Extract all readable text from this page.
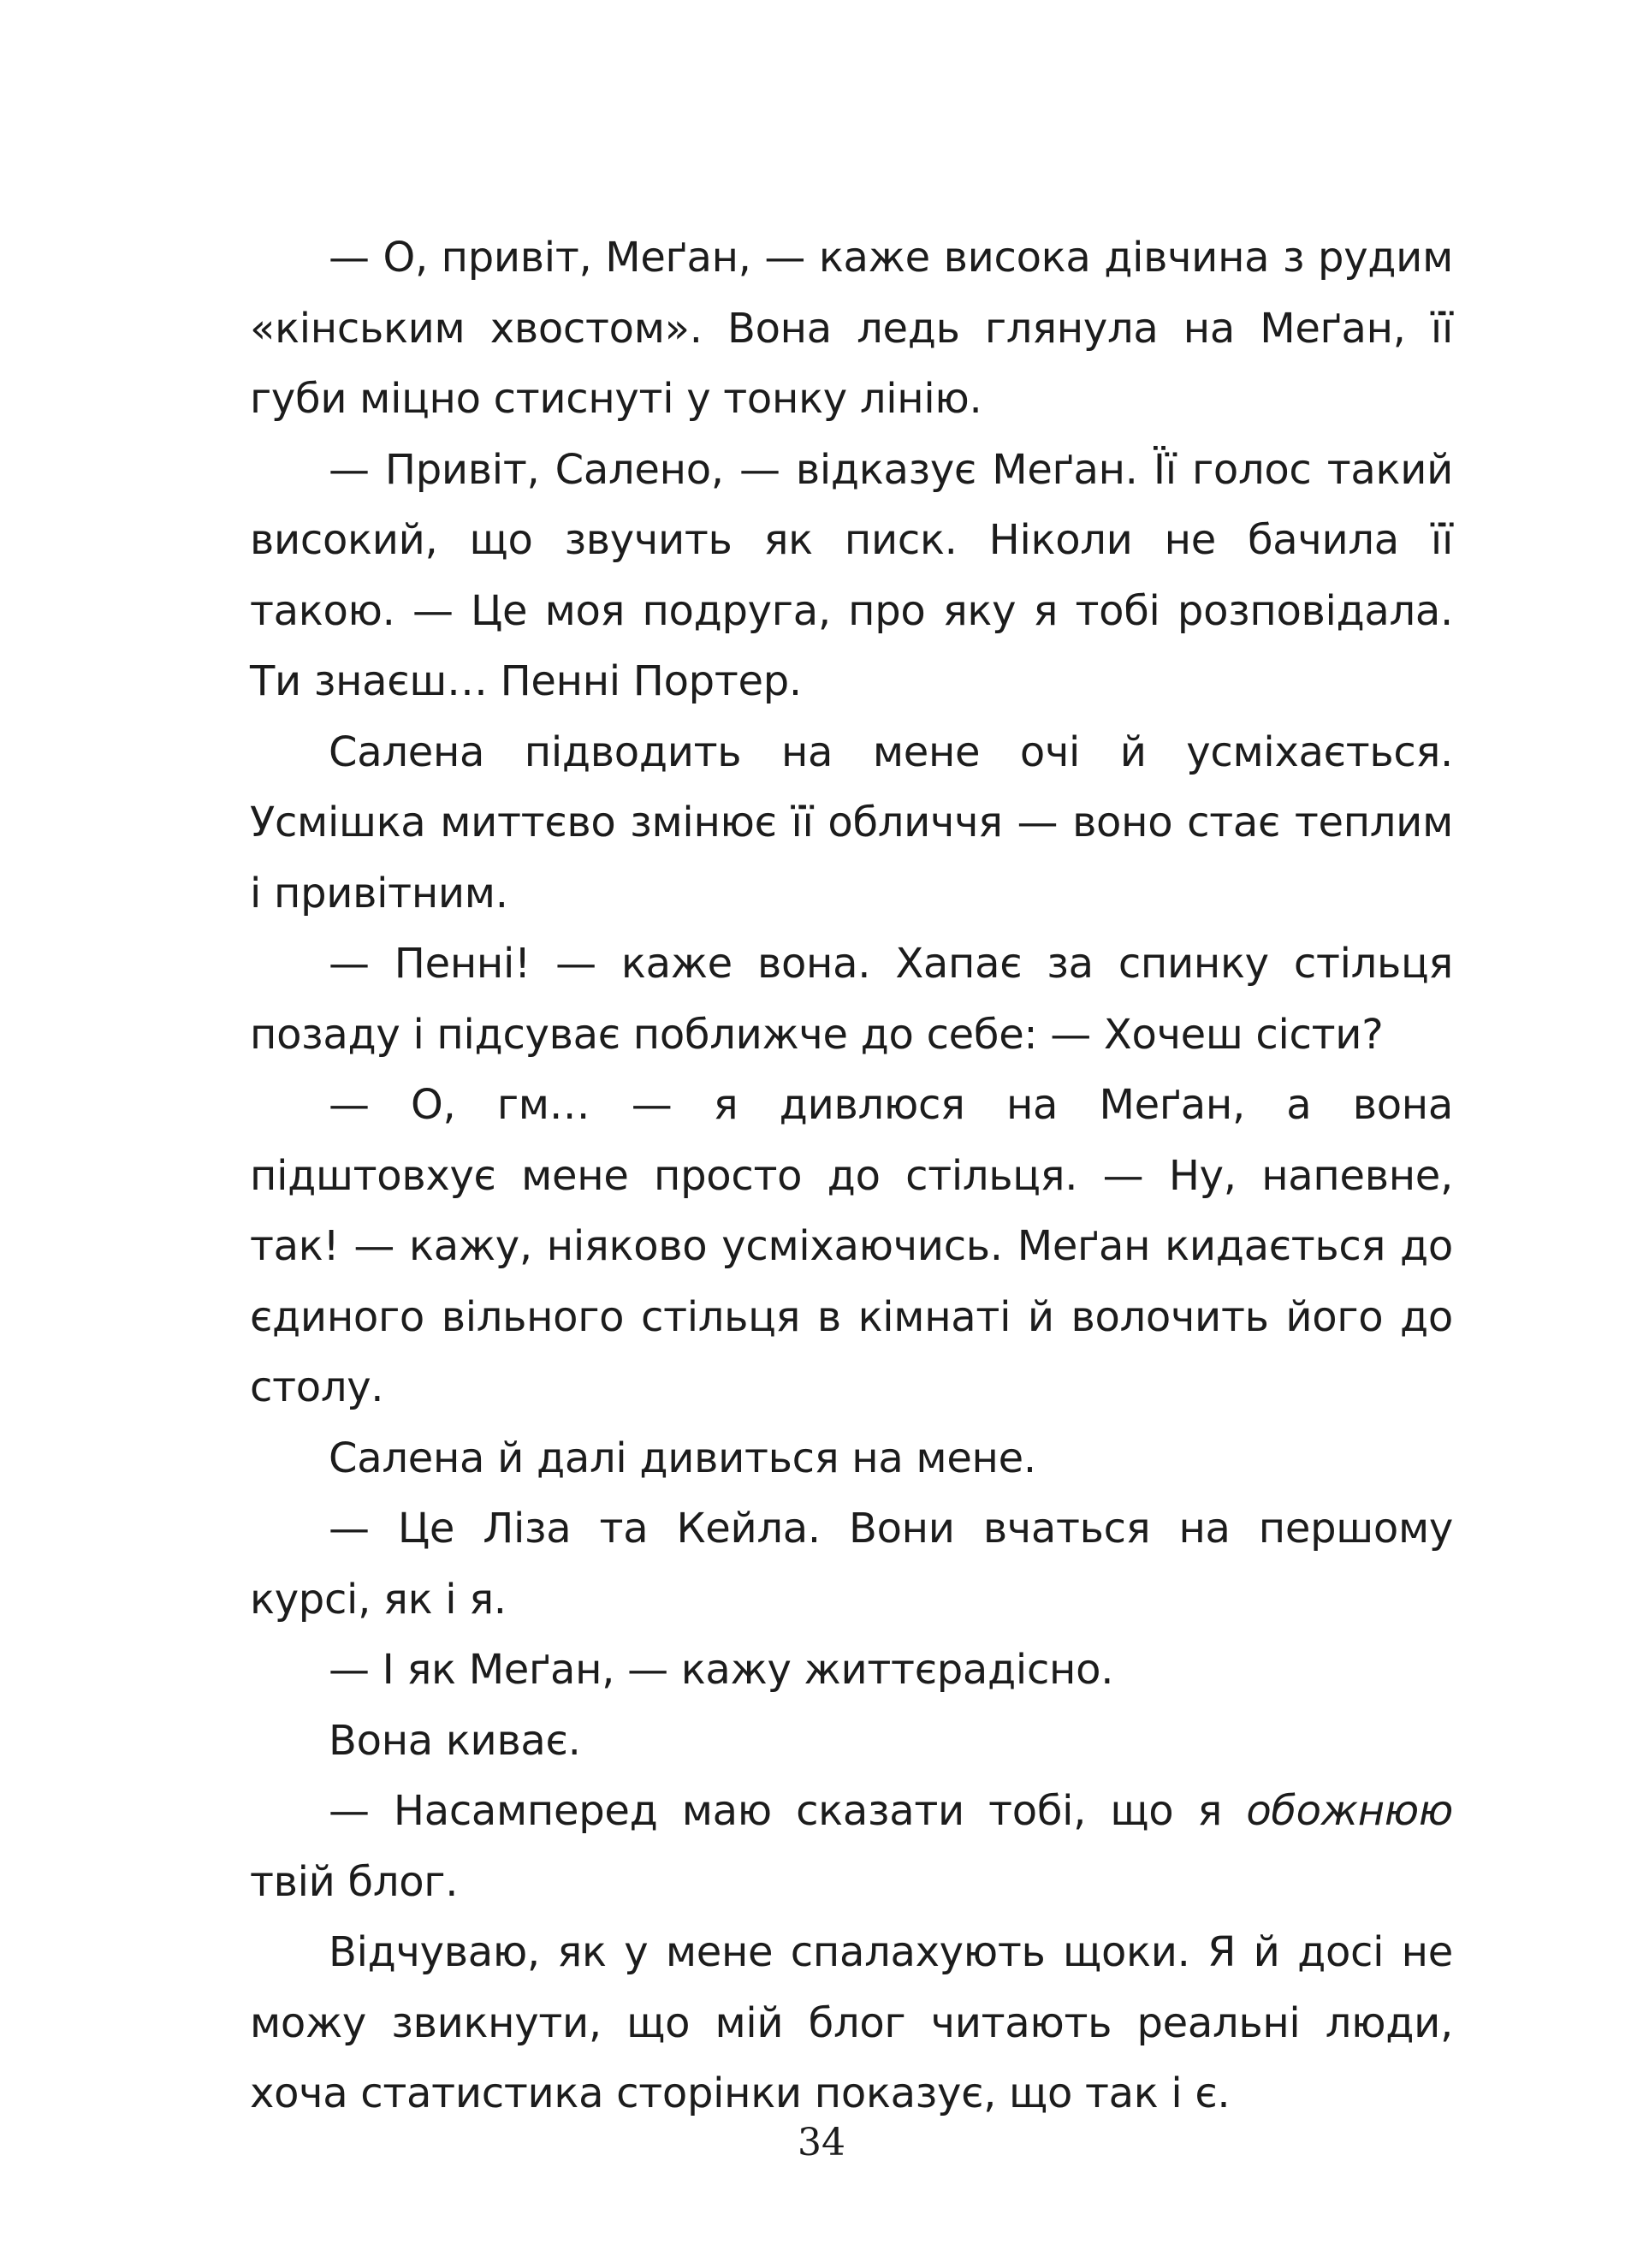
— О, привіт, Меґан, — каже висока дівчина з рудим «кінським хвостом». Вона ледь глянула на Меґан, її губи міцно стиснуті у тонку лінію.

— Привіт, Салено, — відказує Меґан. Її голос такий високий, що звучить як писк. Ніколи не бачила її такою. — Це моя подруга, про яку я тобі розповідала. Ти знаєш… Пенні Портер.

Салена підводить на мене очі й усміхається. Усмішка миттєво змінює її обличчя — воно стає теплим і привітним.

— Пенні! — каже вона. Хапає за спинку стільця позаду і підсуває поближче до себе: — Хочеш сісти?

— О, гм… — я дивлюся на Меґан, а вона підштовхує мене просто до стільця. — Ну, напевне, так! — кажу, ніяково усміхаючись. Меґан кидається до єдиного вільного стільця в кімнаті й волочить його до столу.

Салена й далі дивиться на мене.

— Це Ліза та Кейла. Вони вчаться на першому курсі, як і я.

— І як Меґан, — кажу життєрадісно.

Вона киває.

— Насамперед маю сказати тобі, що я обожнюю твій блог.

Відчуваю, як у мене спалахують щоки. Я й досі не можу звикнути, що мій блог читають реальні люди, хоча статистика сторінки показує, що так і є.

34
